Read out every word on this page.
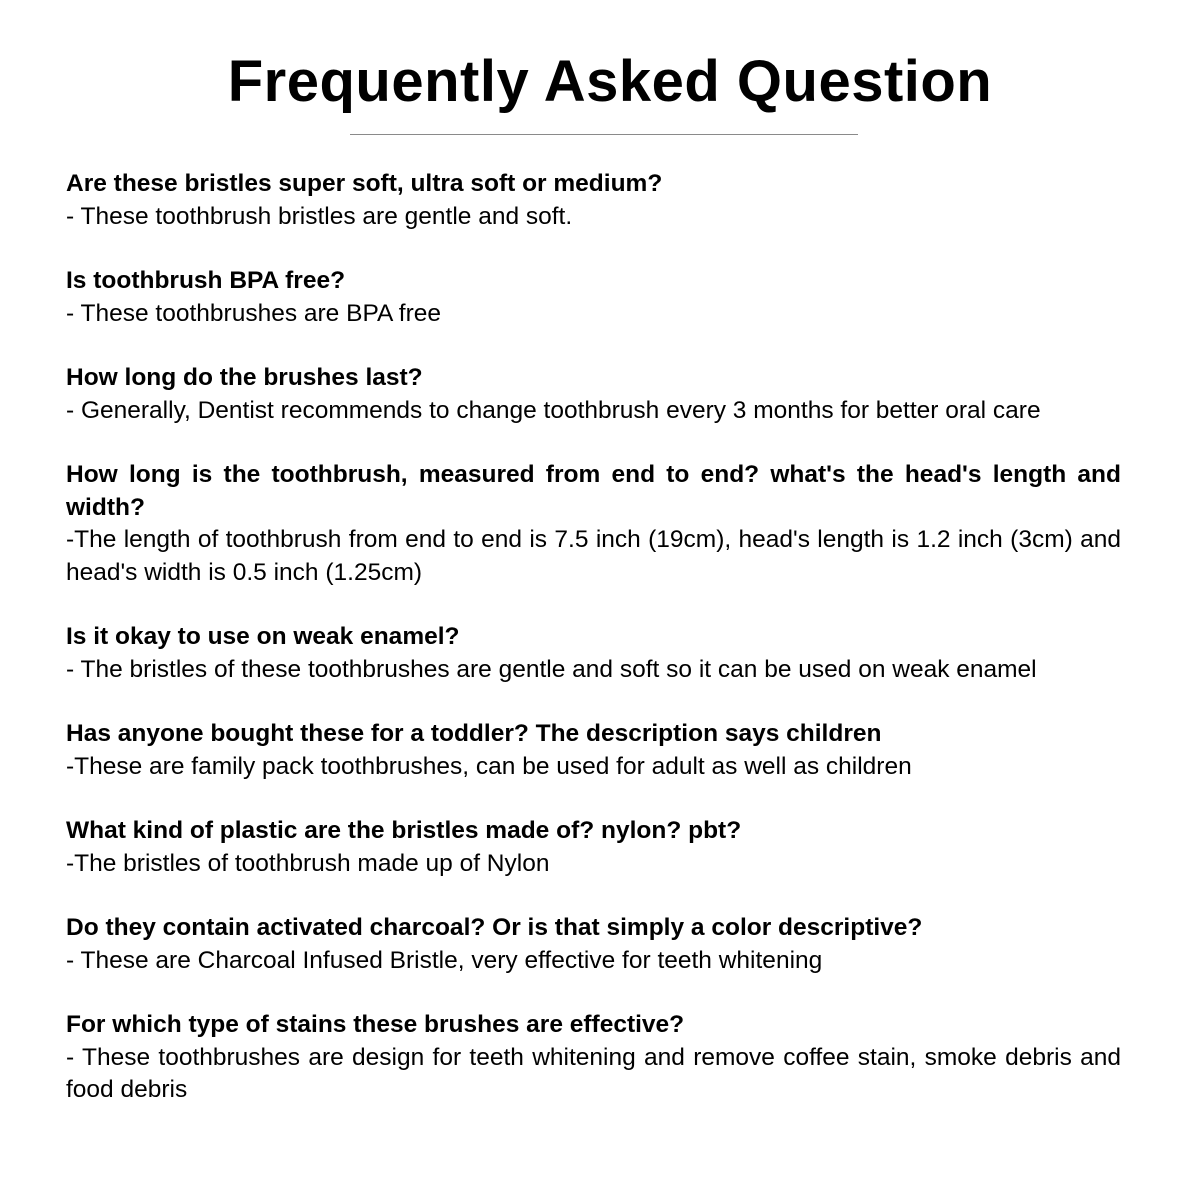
Frequently Asked Question

Are these bristles super soft, ultra soft or medium?

- These toothbrush bristles are gentle and soft.

Is toothbrush BPA free?

- These toothbrushes are BPA free

How long do the brushes last?

- Generally, Dentist recommends to change toothbrush every 3 months for better oral care

How long is the toothbrush, measured from end to end? what's the head's length and width?

-The length of toothbrush from end to end is 7.5 inch (19cm), head's length is 1.2 inch (3cm) and head's width is 0.5 inch (1.25cm)

Is it okay to use on weak enamel?

- The bristles of these toothbrushes are gentle and soft so it can be used on weak enamel

Has anyone bought these for a toddler? The description says children

-These are family pack toothbrushes, can be used for adult as well as children

What kind of plastic are the bristles made of? nylon? pbt?

-The bristles of toothbrush made up of Nylon

Do they contain activated charcoal? Or is that simply a color descriptive?

- These are Charcoal Infused Bristle, very effective for teeth whitening

For which type of stains these brushes are effective?

- These toothbrushes are design for teeth whitening and remove coffee stain, smoke debris and food debris
